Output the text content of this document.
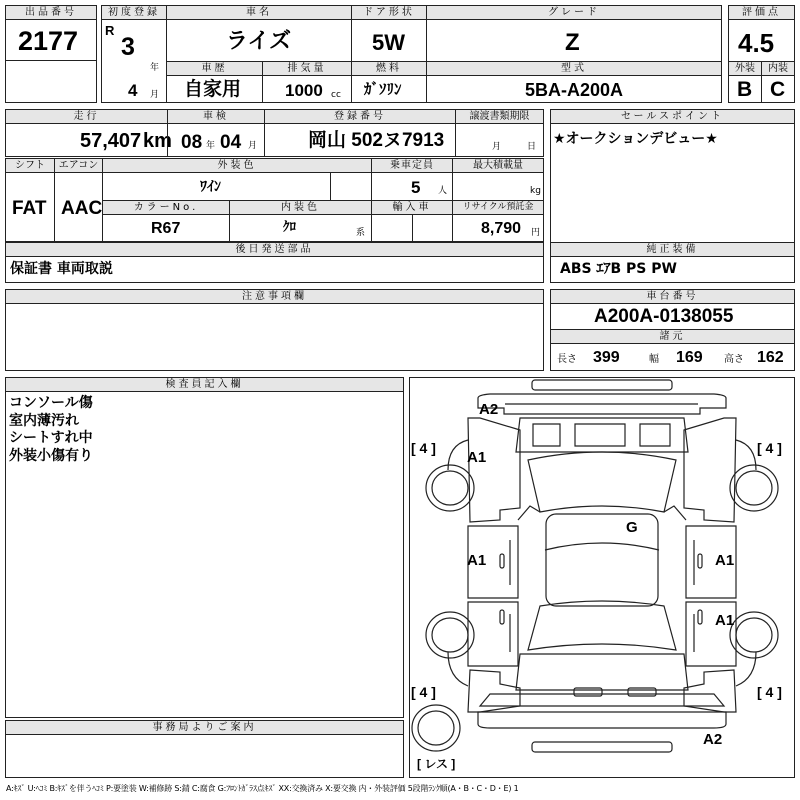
出品番号
2177
初度登録
R
3
年
4 月
車名
ライズ
ドア形状
5W
グレード
Z
評価点
4.5
車歴
自家用
排気量
1000 cc
燃料
ｶﾞｿﾘﾝ
型式
5BA-A200A
外装	内装
B C
走行
57,407 km
車検
08 年 04 月
登録番号
岡山 502ヌ7913
譲渡書類期限
月	日
セールスポイント
★オークションデビュー★
シフト
FAT
エアコン
AAC
外装色
ﾜｲﾝ
乗車定員
5 人
最大積載量
kg
カラーNo.
R67
内装色
ｸﾛ	系
輸入車	リサイクル預託金
8,790 円
後日発送部品
保証書 車両取説
純正装備
ABS ｴｱB PS PW
注意事項欄	車台番号
A200A-0138055
諸元
長さ 399	幅 169 高さ 162
検査員記入欄
コンソール傷
室内薄汚れ
シートすれ中
外装小傷有り
事務局よりご案内
A2
A1
A1
G
A1
A1
A2
[ 4 ]	[ 4 ]
[ 4 ]	[ 4 ]
[ レス ]
A:ｷｽﾞ U:ﾍｺﾐ B:ｷｽﾞを伴うﾍｺﾐ P:要塗装 W:補修跡 S:錆 C:腐食 G:ﾌﾛﾝﾄｶﾞﾗｽ点ｷｽﾞ XX:交換済み X:要交換 内・外装評価 5段階ﾗﾝｸ順(A・B・C・D・E) 1
